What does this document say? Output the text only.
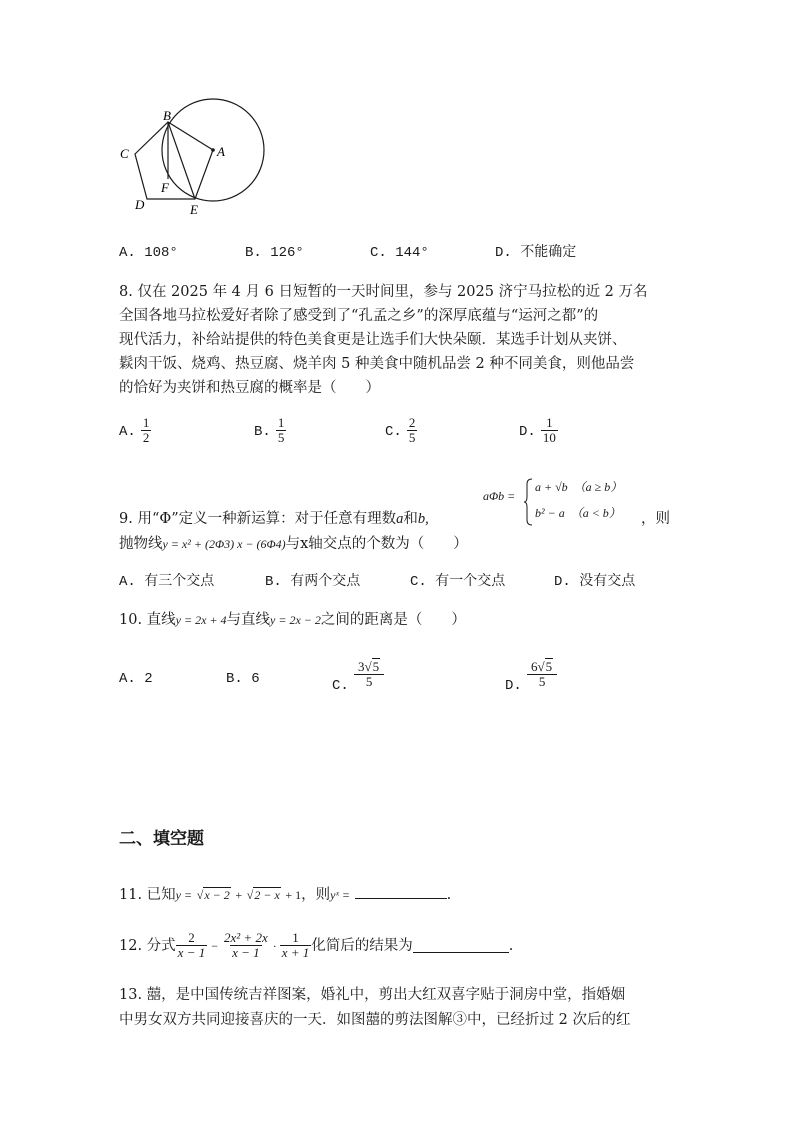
B
C	A
F
D	E
A. 108°	B. 126°	C. 144°	D. 不能确定
8. 仅在 2025 年 4 月 6 日短暂的一天时间里，参与 2025 济宁马拉松的近 2 万名
全国各地马拉松爱好者除了感受到了“孔孟之乡”的深厚底蕴与“运河之都”的
现代活力，补给站提供的特色美食更是让选手们大快朵颐．某选手计划从夹饼、
鬏肉干饭、烧鸡、热豆腐、烧羊肉 5 种美食中随机品尝 2 种不同美食，则他品尝
的恰好为夹饼和热豆腐的概率是（　　）
A. $\frac{1}{2}$	B. $\frac{1}{5}$	C. $\frac{2}{5}$	D. $\frac{1}{10}$
aΦb =
a + √b　（a ≥ b）
b² − a　（a < b）
9. 用“Φ”定义一种新运算：对于任意有理数a和b,	，则
抛物线y = x² + (2Φ3) x − (6Φ4)与x轴交点的个数为（　　）
A. 有三个交点	B. 有两个交点	C. 有一个交点	D. 没有交点
10. 直线y = 2x + 4与直线y = 2x − 2之间的距离是（　　）
A. 2	B. 6	C. $\frac{3√5}{5}$	D. $\frac{6√5}{5}$
二、填空题
11. 已知y = √x − 2 + √2 − x + 1，则yˣ =	.
12. 分式 $\frac{2}{x - 1} - \frac{\text{2x² + 2x}}{x - 1} \cdot \frac{1}{x + 1}$ 化简后的结果为	.
13. 囍，是中国传统吉祥图案，婚礼中，剪出大红双喜字贴于洞房中堂，指婚姻
中男女双方共同迎接喜庆的一天．如图囍的剪法图解③中，已经折过 2 次后的红
